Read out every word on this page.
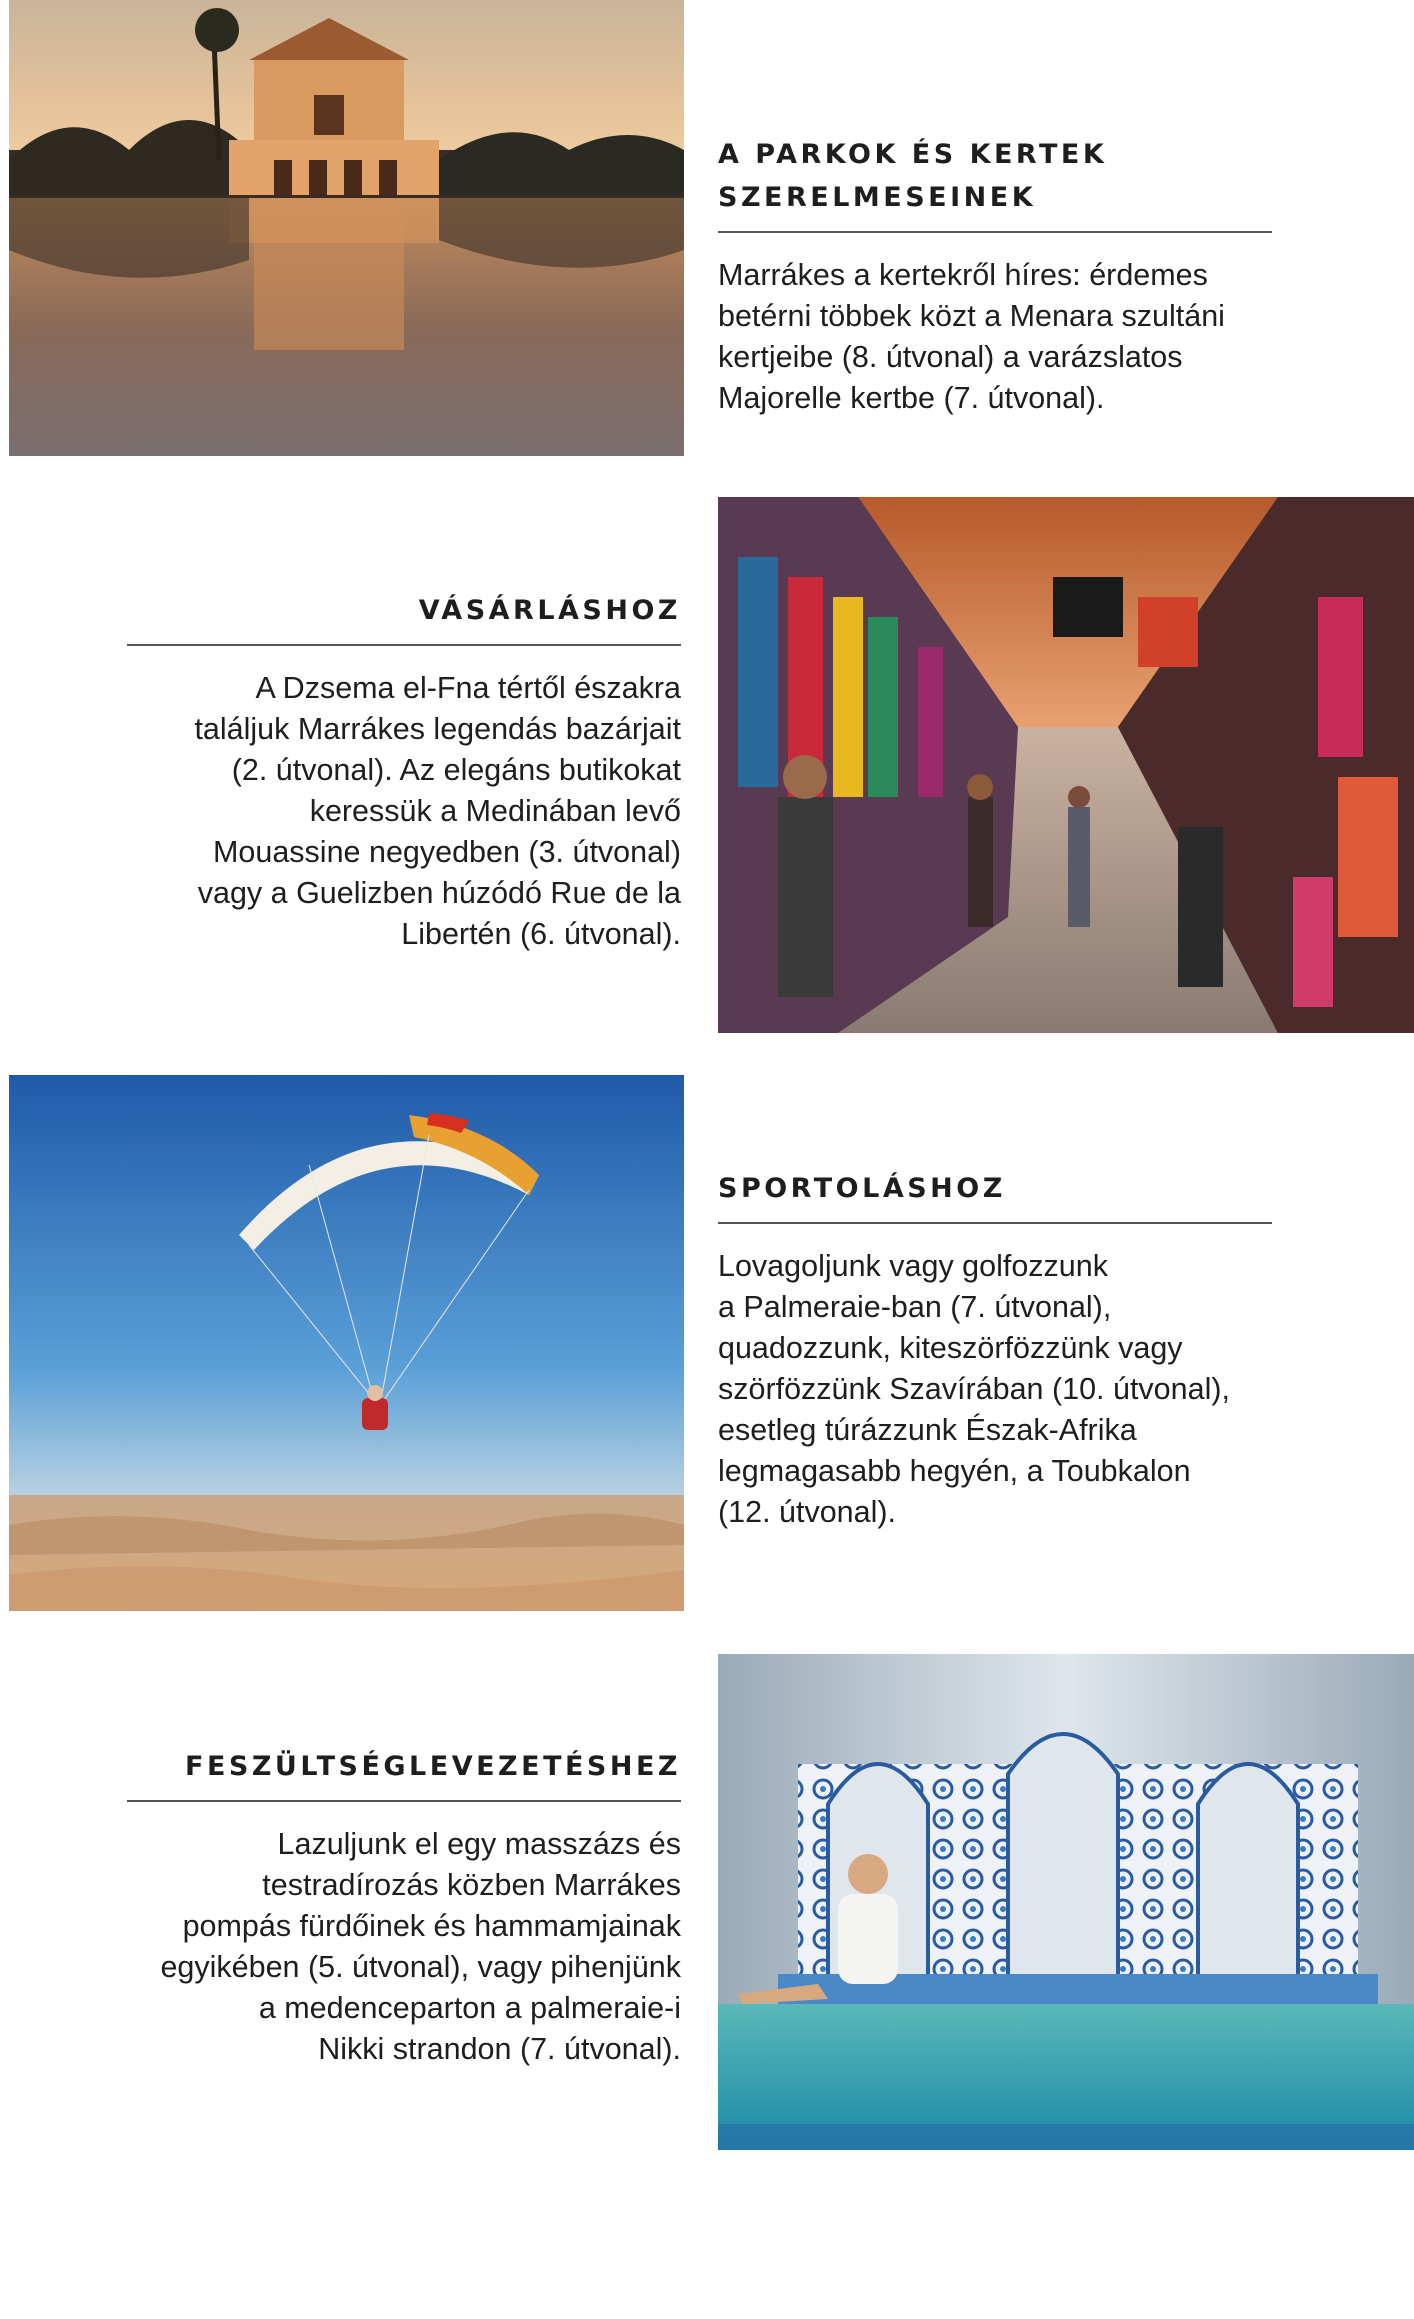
A PARKOK ÉS KERTEK
SZERELMESEINEK

Marrákes a kertekről híres: érdemes
betérni többek közt a Menara szultáni
kertjeibe (8. útvonal) a varázslatos
Majorelle kertbe (7. útvonal).

VÁSÁRLÁSHOZ

A Dzsema el-Fna tértől északra
találjuk Marrákes legendás bazárjait
(2. útvonal). Az elegáns butikokat
keressük a Medinában levő
Mouassine negyedben (3. útvonal)
vagy a Guelizben húzódó Rue de la
Libertén (6. útvonal).

SPORTOLÁSHOZ

Lovagoljunk vagy golfozzunk
a Palmeraie-ban (7. útvonal),
quadozzunk, kiteszörfözzünk vagy
szörfözzünk Szavírában (10. útvonal),
esetleg túrázzunk Észak-Afrika
legmagasabb hegyén, a Toubkalon
(12. útvonal).

FESZÜLTSÉGLEVEZETÉSHEZ

Lazuljunk el egy masszázs és
testradírozás közben Marrákes
pompás fürdőinek és hammamjainak
egyikében (5. útvonal), vagy pihenjünk
a medenceparton a palmeraie-i
Nikki strandon (7. útvonal).
